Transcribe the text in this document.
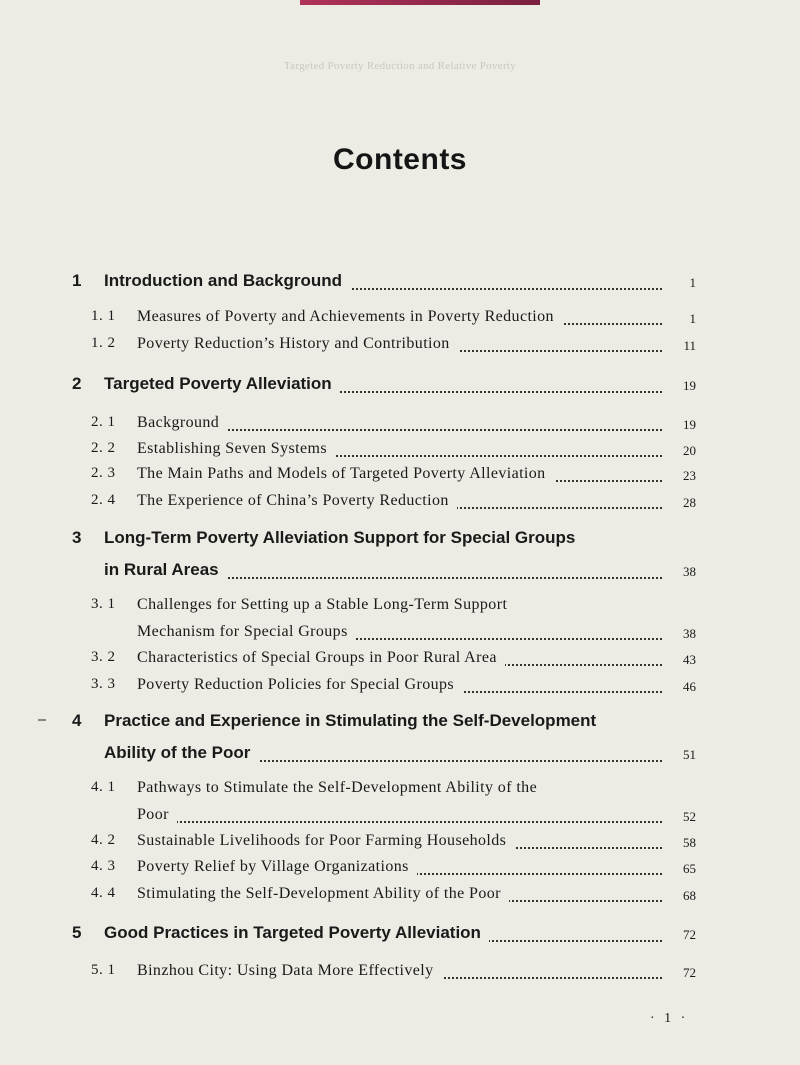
Targeted Poverty Reduction and Relative Poverty
Contents
1 Introduction and Background	1
1. 1 Measures of Poverty and Achievements in Poverty Reduction	1
1. 2 Poverty Reduction’s History and Contribution	11
2 Targeted Poverty Alleviation	19
2. 1 Background	19
2. 2 Establishing Seven Systems	20
2. 3 The Main Paths and Models of Targeted Poverty Alleviation	23
2. 4 The Experience of China’s Poverty Reduction	28
3 Long-Term Poverty Alleviation Support for Special Groups
in Rural Areas	38
3. 1 Challenges for Setting up a Stable Long-Term Support
Mechanism for Special Groups	38
3. 2 Characteristics of Special Groups in Poor Rural Area	43
3. 3 Poverty Reduction Policies for Special Groups	46
4 Practice and Experience in Stimulating the Self-Development
Ability of the Poor	51
4. 1 Pathways to Stimulate the Self-Development Ability of the
Poor	52
4. 2 Sustainable Livelihoods for Poor Farming Households	58
4. 3 Poverty Relief by Village Organizations	65
4. 4 Stimulating the Self-Development Ability of the Poor	68
5 Good Practices in Targeted Poverty Alleviation	72
5. 1 Binzhou City: Using Data More Effectively	72
· 1 ·
